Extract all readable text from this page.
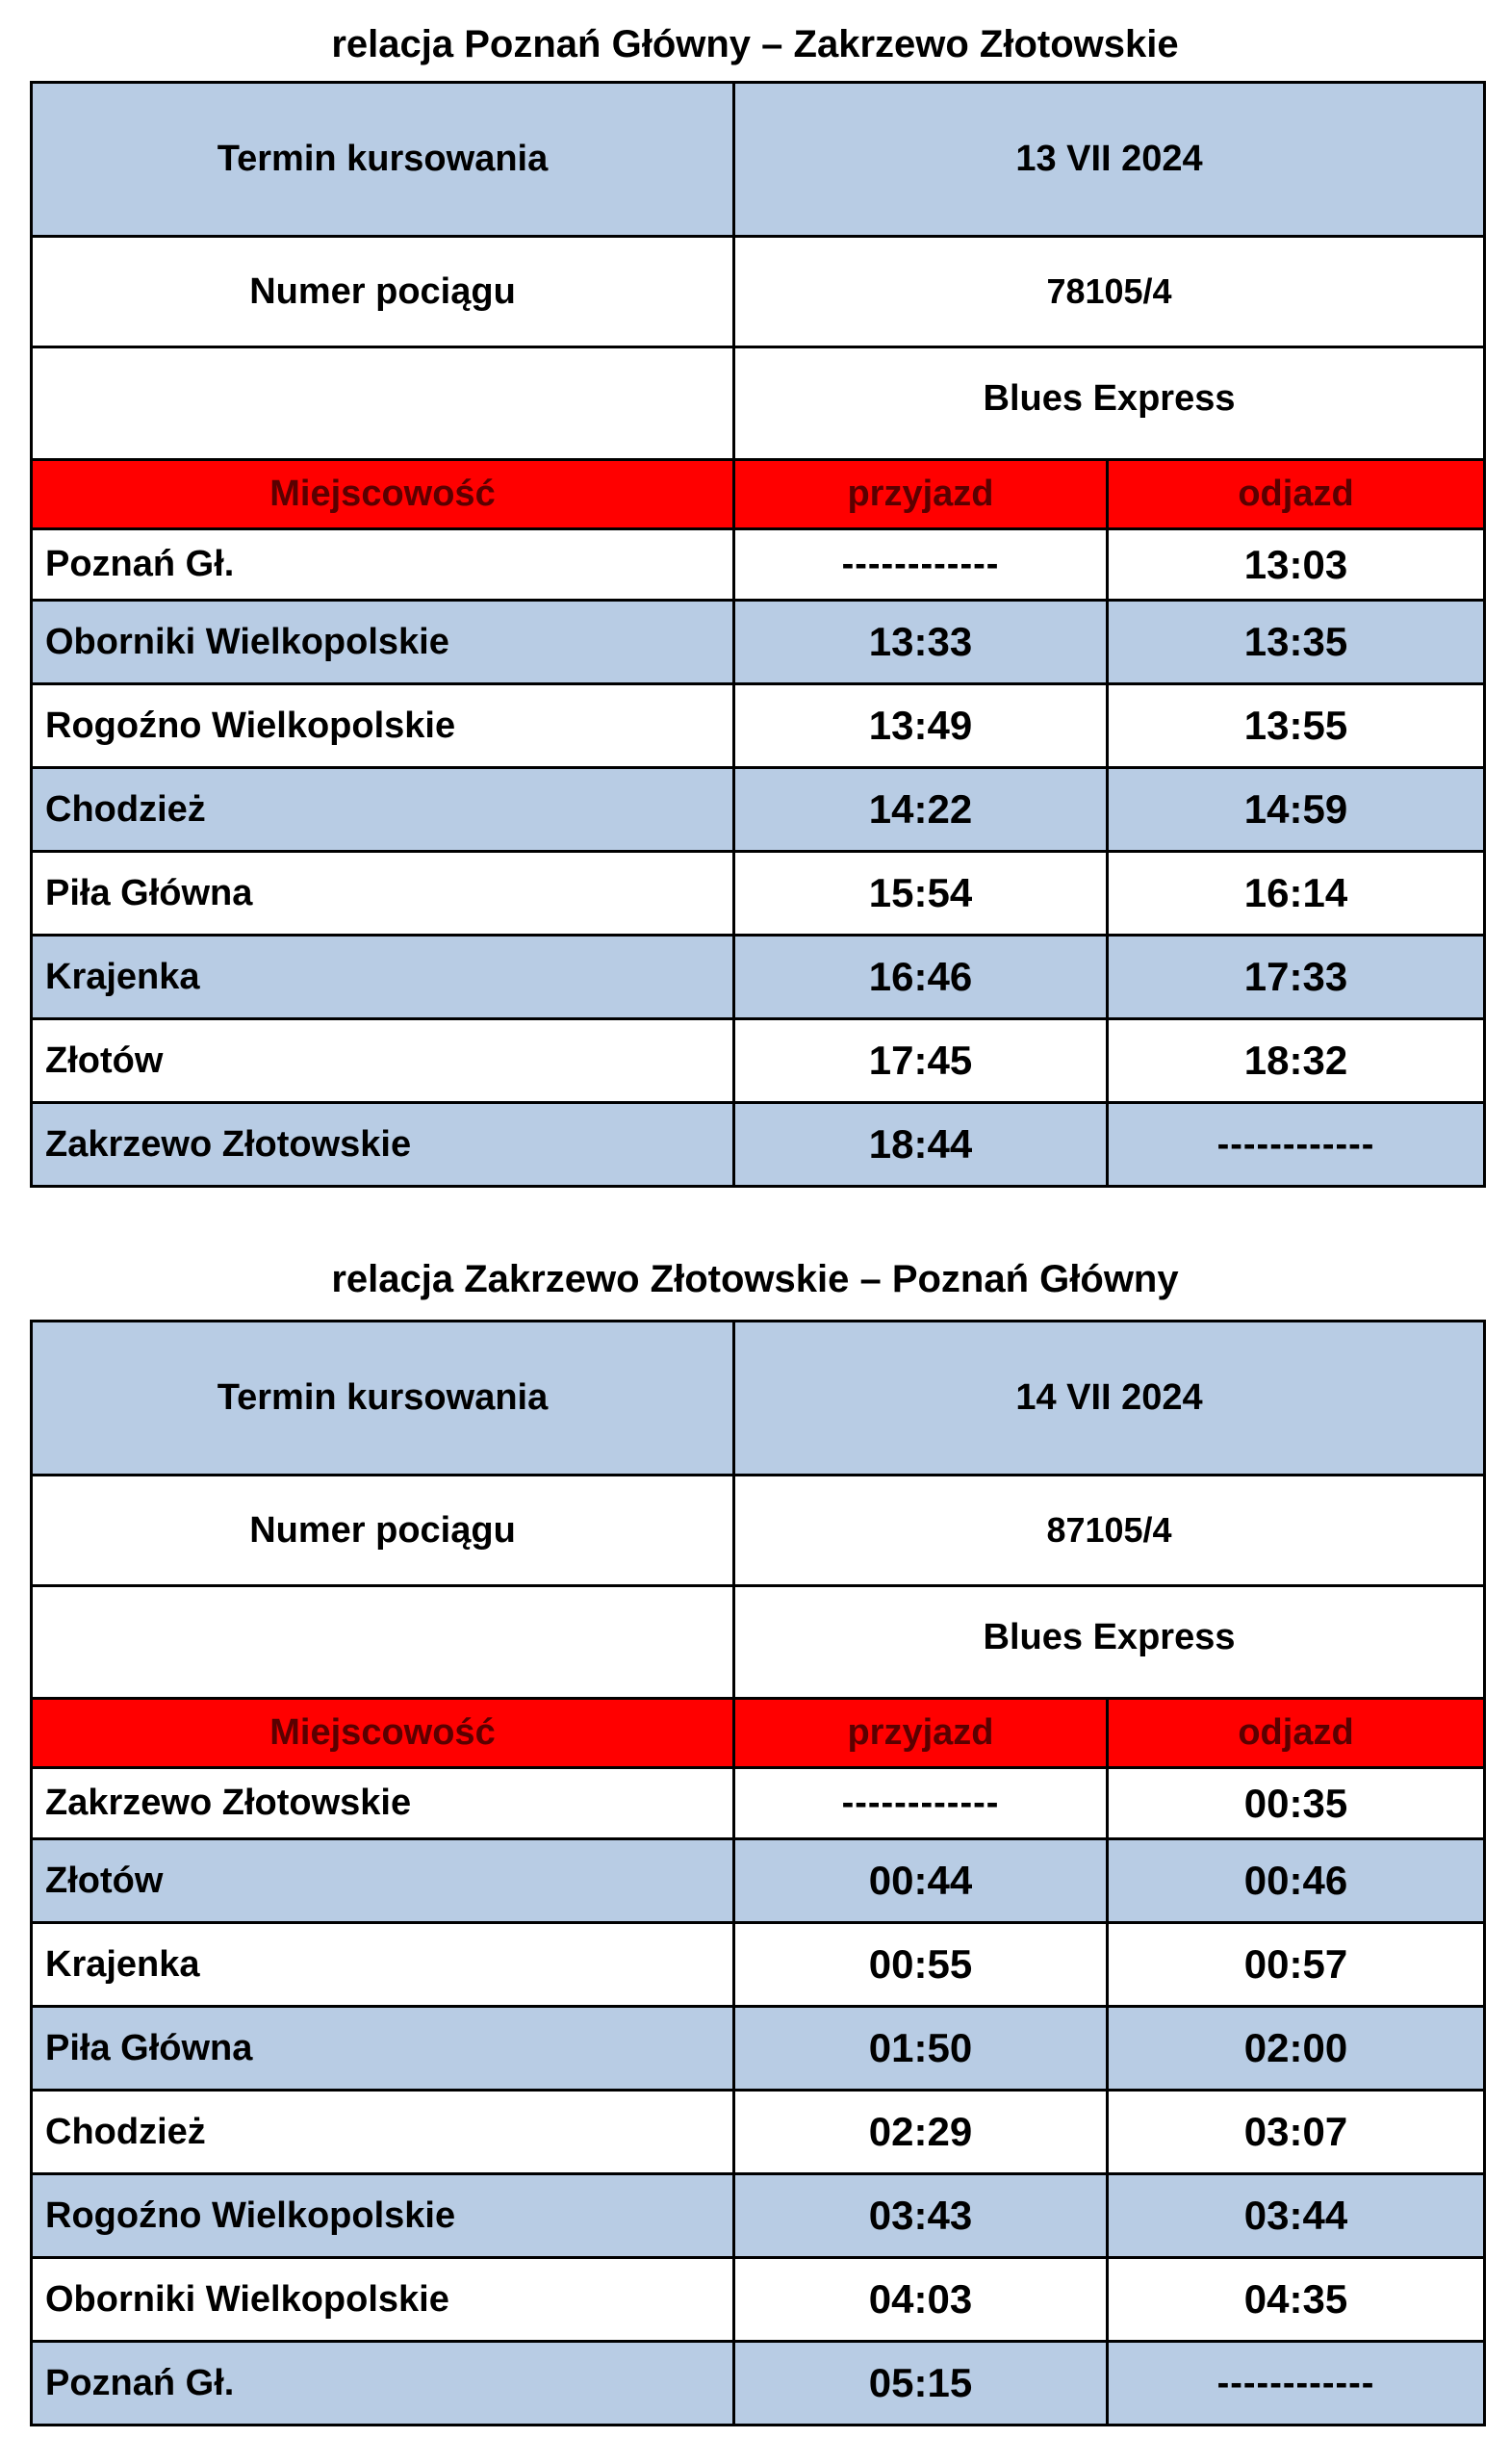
relacja Poznań Główny – Zakrzewo Złotowskie
Termin kursowania	13 VII 2024	
Numer pociągu	78105/4	
	Blues Express	
Miejscowość	przyjazd	odjazd
Poznań Gł.	------------	13:03
Oborniki Wielkopolskie	13:33	13:35
Rogoźno Wielkopolskie	13:49	13:55
Chodzież	14:22	14:59
Piła Główna	15:54	16:14
Krajenka	16:46	17:33
Złotów	17:45	18:32
Zakrzewo Złotowskie	18:44	------------
relacja Zakrzewo Złotowskie – Poznań Główny
Termin kursowania	14 VII 2024	
Numer pociągu	87105/4	
	Blues Express	
Miejscowość	przyjazd	odjazd
Zakrzewo Złotowskie	------------	00:35
Złotów	00:44	00:46
Krajenka	00:55	00:57
Piła Główna	01:50	02:00
Chodzież	02:29	03:07
Rogoźno Wielkopolskie	03:43	03:44
Oborniki Wielkopolskie	04:03	04:35
Poznań Gł.	05:15	------------
